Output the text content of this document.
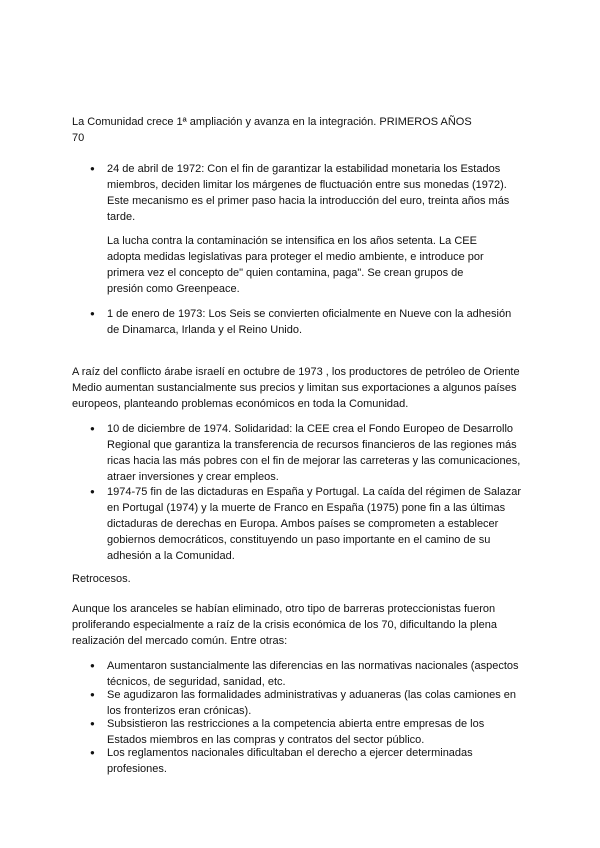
La Comunidad crece 1ª ampliación y avanza en la integración. PRIMEROS AÑOS

70

● 24 de abril de 1972: Con el fin de garantizar la estabilidad monetaria los Estados

miembros, deciden limitar los márgenes de fluctuación entre sus monedas (1972).

Este mecanismo es el primer paso hacia la introducción del euro, treinta años más

tarde.

La lucha contra la contaminación se intensifica en los años setenta. La CEE

adopta medidas legislativas para proteger el medio ambiente, e introduce por

primera vez el concepto de" quien contamina, paga". Se crean grupos de

presión como Greenpeace.

● 1 de enero de 1973: Los Seis se convierten oficialmente en Nueve con la adhesión

de Dinamarca, Irlanda y el Reino Unido.

A raíz del conflicto árabe israelí en octubre de 1973 , los productores de petróleo de Oriente

Medio aumentan sustancialmente sus precios y limitan sus exportaciones a algunos países

europeos, planteando problemas económicos en toda la Comunidad.

● 10 de diciembre de 1974. Solidaridad: la CEE crea el Fondo Europeo de Desarrollo

Regional que garantiza la transferencia de recursos financieros de las regiones más

ricas hacia las más pobres con el fin de mejorar las carreteras y las comunicaciones,

atraer inversiones y crear empleos.

● 1974-75 fin de las dictaduras en España y Portugal. La caída del régimen de Salazar

en Portugal (1974) y la muerte de Franco en España (1975) pone fin a las últimas

dictaduras de derechas en Europa. Ambos países se comprometen a establecer

gobiernos democráticos, constituyendo un paso importante en el camino de su

adhesión a la Comunidad.

Retrocesos.

Aunque los aranceles se habían eliminado, otro tipo de barreras proteccionistas fueron

proliferando especialmente a raíz de la crisis económica de los 70, dificultando la plena

realización del mercado común. Entre otras:

● Aumentaron sustancialmente las diferencias en las normativas nacionales (aspectos

técnicos, de seguridad, sanidad, etc.

● Se agudizaron las formalidades administrativas y aduaneras (las colas camiones en

los fronterizos eran crónicas).

● Subsistieron las restricciones a la competencia abierta entre empresas de los

Estados miembros en las compras y contratos del sector público.

● Los reglamentos nacionales dificultaban el derecho a ejercer determinadas

profesiones.
